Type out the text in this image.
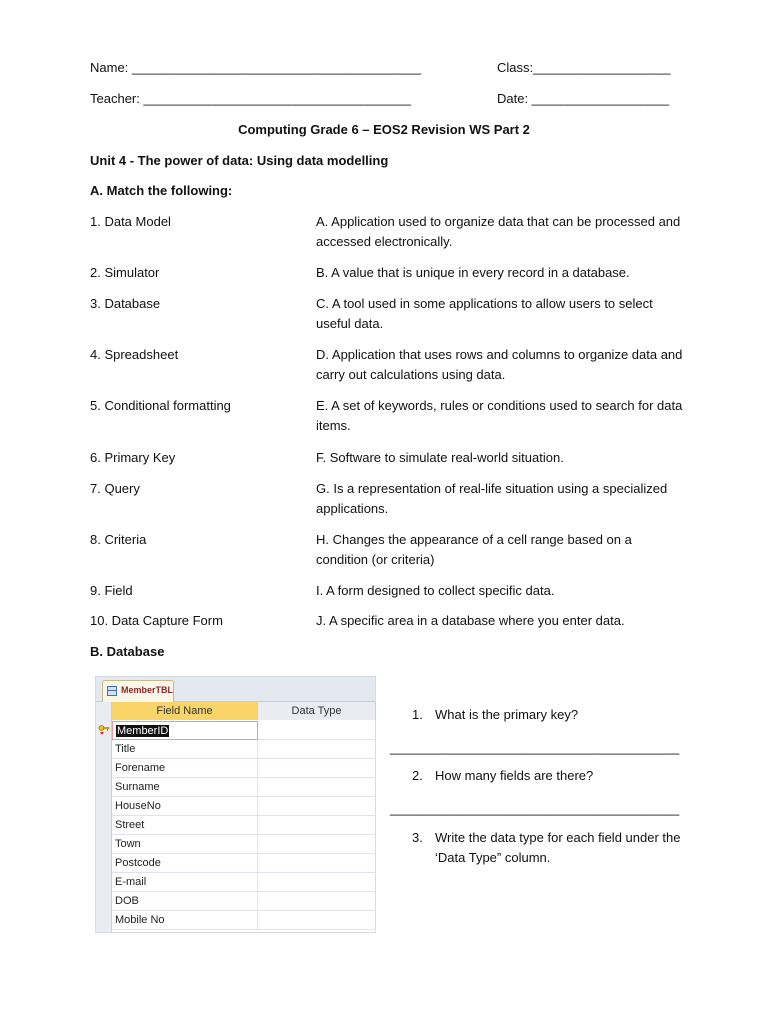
Name: ________________________________________	Class:___________________
Teacher: _____________________________________	Date: ___________________
Computing Grade 6 – EOS2 Revision WS Part 2
Unit 4 - The power of data: Using data modelling
A. Match the following:
1. Data Model	A. Application used to organize data that can be processed and accessed electronically.
2. Simulator	B. A value that is unique in every record in a database.
3. Database	C. A tool used in some applications to allow users to select useful data.
4. Spreadsheet	D. Application that uses rows and columns to organize data and carry out calculations using data.
5. Conditional formatting	E. A set of keywords, rules or conditions used to search for data items.
6. Primary Key	F. Software to simulate real-world situation.
7. Query	G. Is a representation of real-life situation using a specialized applications.
8. Criteria	H. Changes the appearance of a cell range based on a condition (or criteria)
9. Field	I. A form designed to collect specific data.
10. Data Capture Form	J. A specific area in a database where you enter data.
B. Database
MemberTBL
Field Name	Data Type
MemberID
Title
Forename
Surname
HouseNo
Street
Town
Postcode
E-mail
DOB
Mobile No
1. What is the primary key?
________________________________________
2. How many fields are there?
________________________________________
3. Write the data type for each field under the ‘Data Type” column.
